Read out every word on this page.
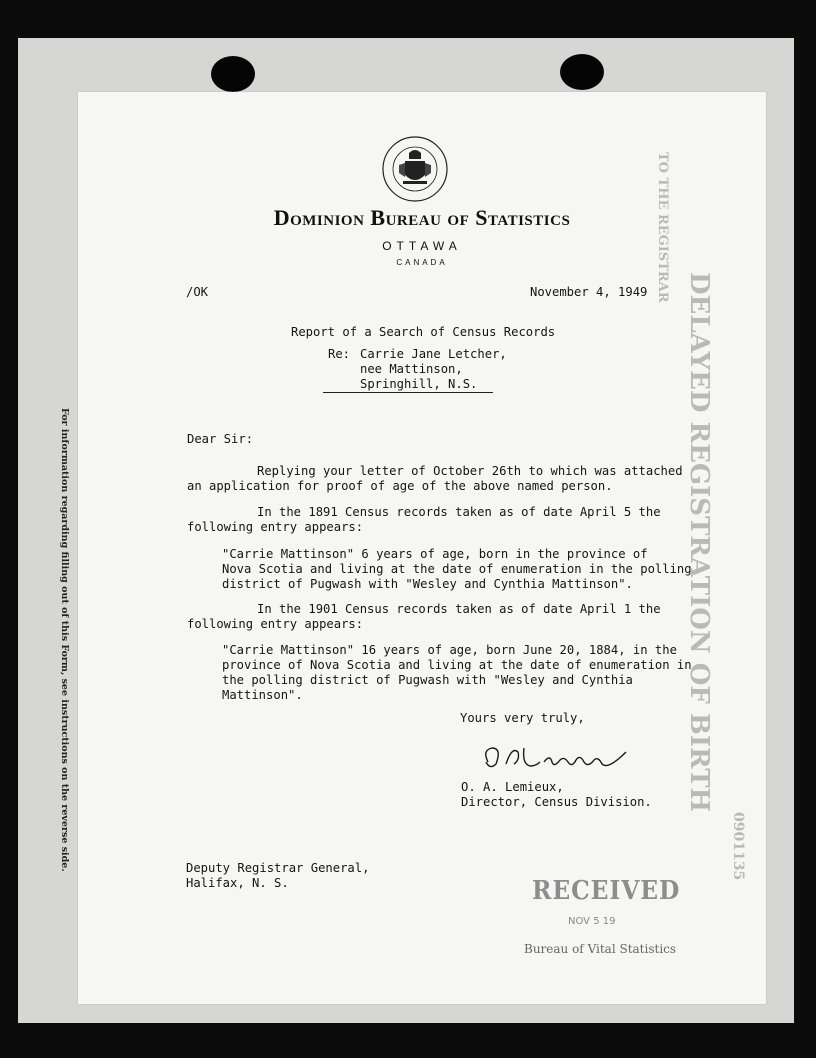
For information regarding filling out of this Form, see instructions on the reverse side.	DELAYED REGISTRATION OF BIRTH
TO THE REGISTRAR
0901135
Dominion Bureau of Statistics
OTTAWA
CANADA
/OK	November 4, 1949
Report of a Search of Census Records
Re: Carrie Jane Letcher,
nee Mattinson,
Springhill, N.S.
Dear Sir:
Replying your letter of October 26th to which was attached
an application for proof of age of the above named person.
In the 1891 Census records taken as of date April 5 the
following entry appears:
"Carrie Mattinson" 6 years of age, born in the province of
Nova Scotia and living at the date of enumeration in the polling
district of Pugwash with "Wesley and Cynthia Mattinson".
In the 1901 Census records taken as of date April 1 the
following entry appears:
"Carrie Mattinson" 16 years of age, born June 20, 1884, in the
province of Nova Scotia and living at the date of enumeration in
the polling district of Pugwash with "Wesley and Cynthia
Mattinson".
Yours very truly,
O. A. Lemieux,
Director, Census Division.
Deputy Registrar General,
Halifax, N. S.	RECEIVED
NOV 5 19
Bureau of Vital Statistics
